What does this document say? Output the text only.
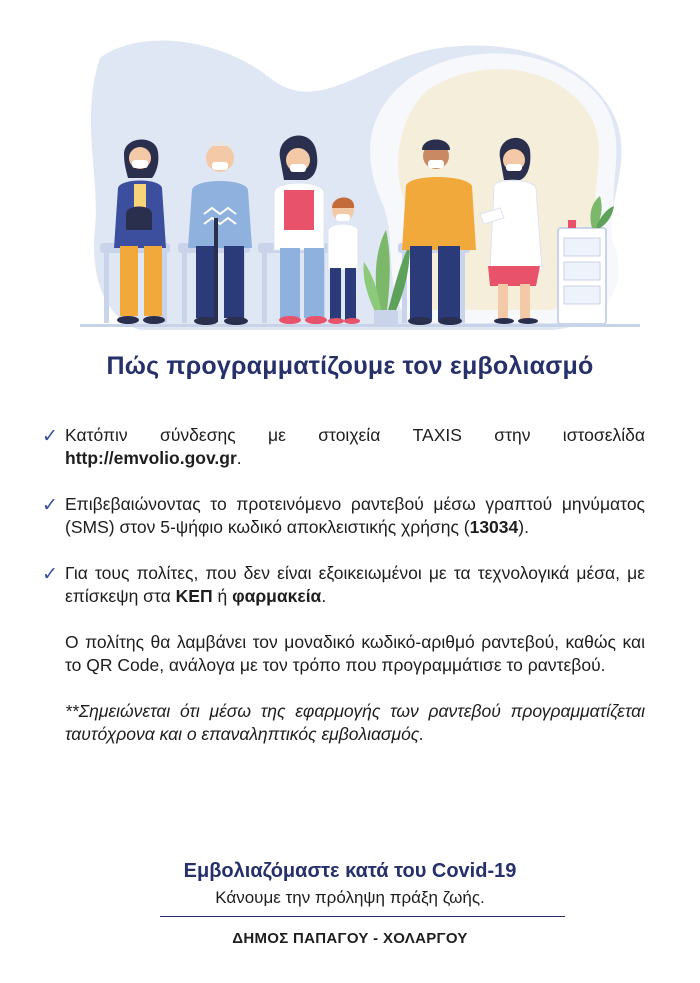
Πώς προγραμματίζουμε τον εμβολιασμό
✓ Κατόπιν σύνδεσης με στοιχεία TAXIS στην ιστοσελίδα http://emvolio.gov.gr.
✓ Επιβεβαιώνοντας το προτεινόμενο ραντεβού μέσω γραπτού μηνύματος (SMS) στον 5-ψήφιο κωδικό αποκλειστικής χρήσης (13034).
✓ Για τους πολίτες, που δεν είναι εξοικειωμένοι με τα τεχνολογικά μέσα, με επίσκεψη στα ΚΕΠ ή φαρμακεία.
Ο πολίτης θα λαμβάνει τον μοναδικό κωδικό-αριθμό ραντεβού, καθώς και το QR Code, ανάλογα με τον τρόπο που προγραμμάτισε το ραντεβού.
**Σημειώνεται ότι μέσω της εφαρμογής των ραντεβού προγραμματίζεται ταυτόχρονα και ο επαναληπτικός εμβολιασμός.
Εμβολιαζόμαστε κατά του Covid-19
Κάνουμε την πρόληψη πράξη ζωής.
ΔΗΜΟΣ ΠΑΠΑΓΟΥ - ΧΟΛΑΡΓΟΥ
